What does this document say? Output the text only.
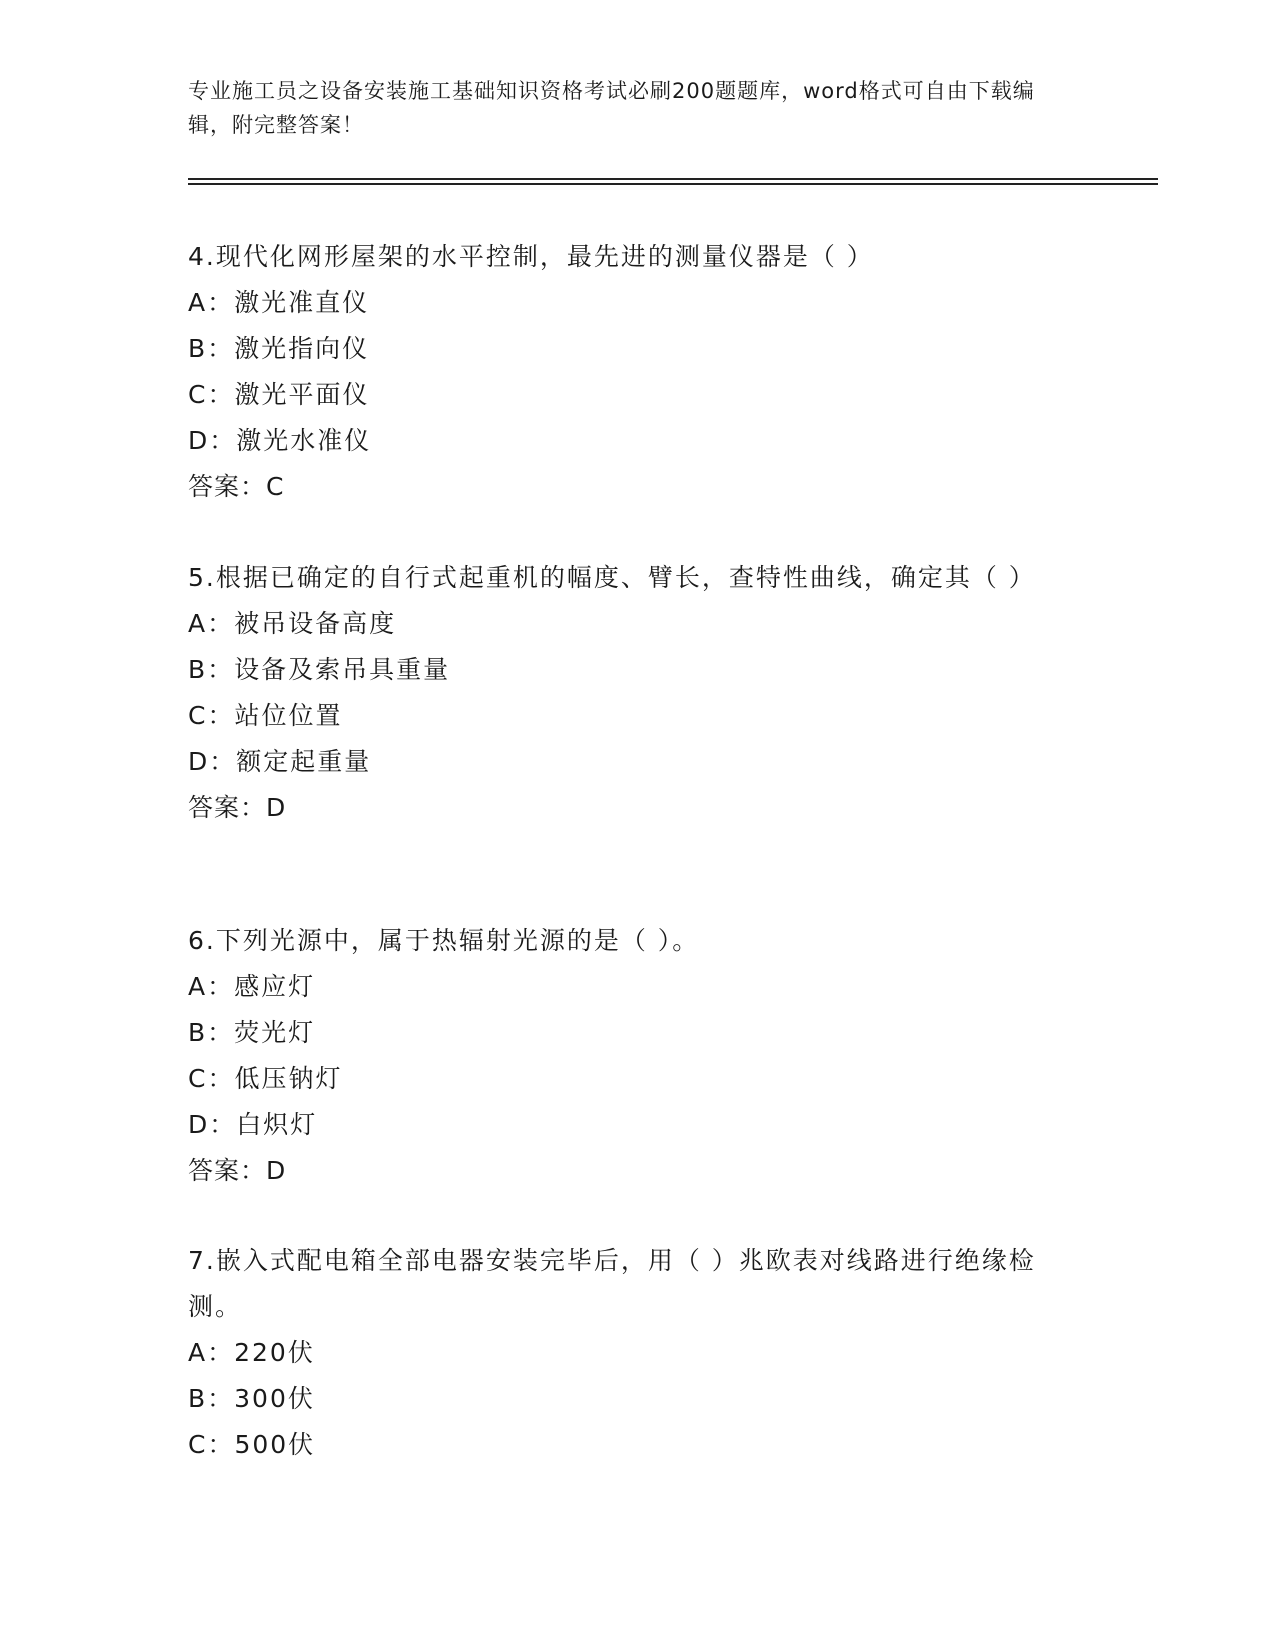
专业施工员之设备安装施工基础知识资格考试必刷200题题库，word格式可自由下载编辑，附完整答案！

4.现代化网形屋架的水平控制，最先进的测量仪器是（ ）

A：激光准直仪

B：激光指向仪

C：激光平面仪

D：激光水准仪

答案：C

5.根据已确定的自行式起重机的幅度、臂长，查特性曲线，确定其（ ）

A：被吊设备高度

B：设备及索吊具重量

C：站位位置

D：额定起重量

答案：D

6.下列光源中，属于热辐射光源的是（ ）。

A：感应灯

B：荧光灯

C：低压钠灯

D：白炽灯

答案：D

7.嵌入式配电箱全部电器安装完毕后，用（ ）兆欧表对线路进行绝缘检测。

A：220伏

B：300伏

C：500伏
